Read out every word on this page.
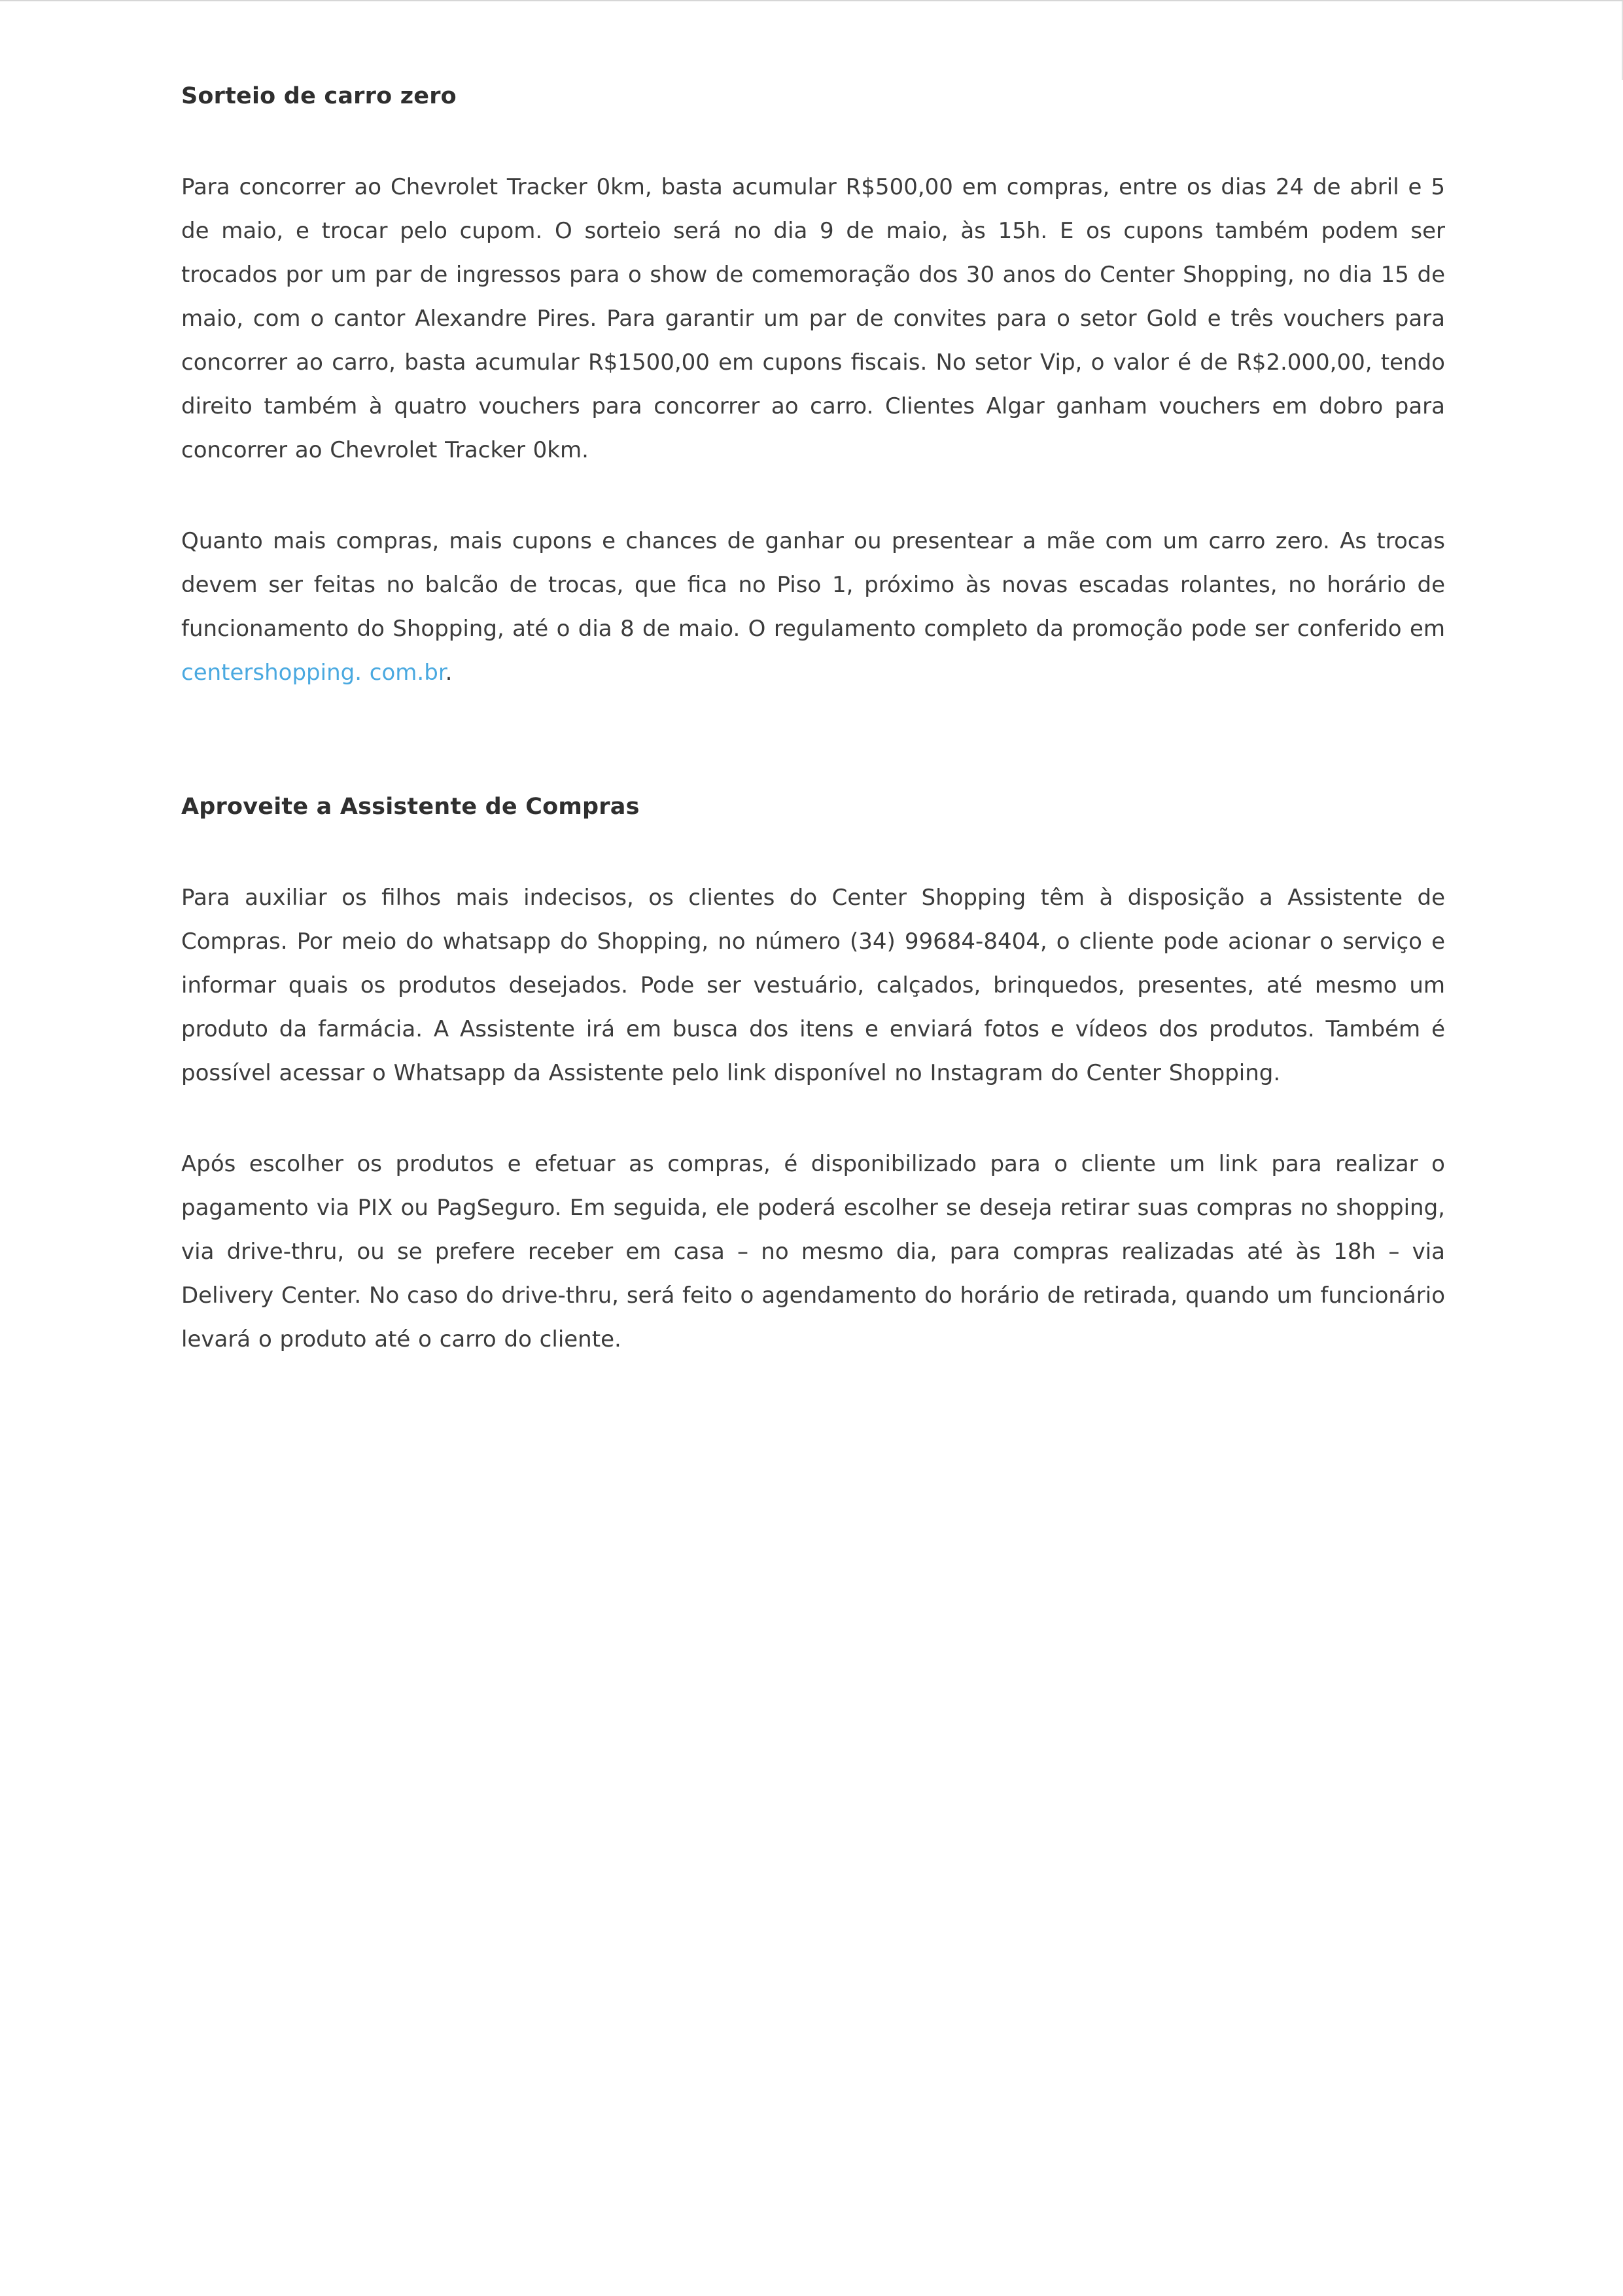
Sorteio de carro zero

Para concorrer ao Chevrolet Tracker 0km, basta acumular R$500,00 em compras, entre os dias 24 de abril e 5 de maio, e trocar pelo cupom. O sorteio será no dia 9 de maio, às 15h. E os cupons também podem ser trocados por um par de ingressos para o show de comemoração dos 30 anos do Center Shopping, no dia 15 de maio, com o cantor Alexandre Pires. Para garantir um par de convites para o setor Gold e três vouchers para concorrer ao carro, basta acumular R$1500,00 em cupons fiscais. No setor Vip, o valor é de R$2.000,00, tendo direito também à quatro vouchers para concorrer ao carro. Clientes Algar ganham vouchers em dobro para concorrer ao Chevrolet Tracker 0km.

Quanto mais compras, mais cupons e chances de ganhar ou presentear a mãe com um carro zero. As trocas devem ser feitas no balcão de trocas, que fica no Piso 1, próximo às novas escadas rolantes, no horário de funcionamento do Shopping, até o dia 8 de maio. O regulamento completo da promoção pode ser conferido em centershopping. com.br.

Aproveite a Assistente de Compras

Para auxiliar os filhos mais indecisos, os clientes do Center Shopping têm à disposição a Assistente de Compras. Por meio do whatsapp do Shopping, no número (34) 99684-8404, o cliente pode acionar o serviço e informar quais os produtos desejados. Pode ser vestuário, calçados, brinquedos, presentes, até mesmo um produto da farmácia. A Assistente irá em busca dos itens e enviará fotos e vídeos dos produtos. Também é possível acessar o Whatsapp da Assistente pelo link disponível no Instagram do Center Shopping.

Após escolher os produtos e efetuar as compras, é disponibilizado para o cliente um link para realizar o pagamento via PIX ou PagSeguro. Em seguida, ele poderá escolher se deseja retirar suas compras no shopping, via drive-thru, ou se prefere receber em casa – no mesmo dia, para compras realizadas até às 18h – via Delivery Center. No caso do drive-thru, será feito o agendamento do horário de retirada, quando um funcionário levará o produto até o carro do cliente.
